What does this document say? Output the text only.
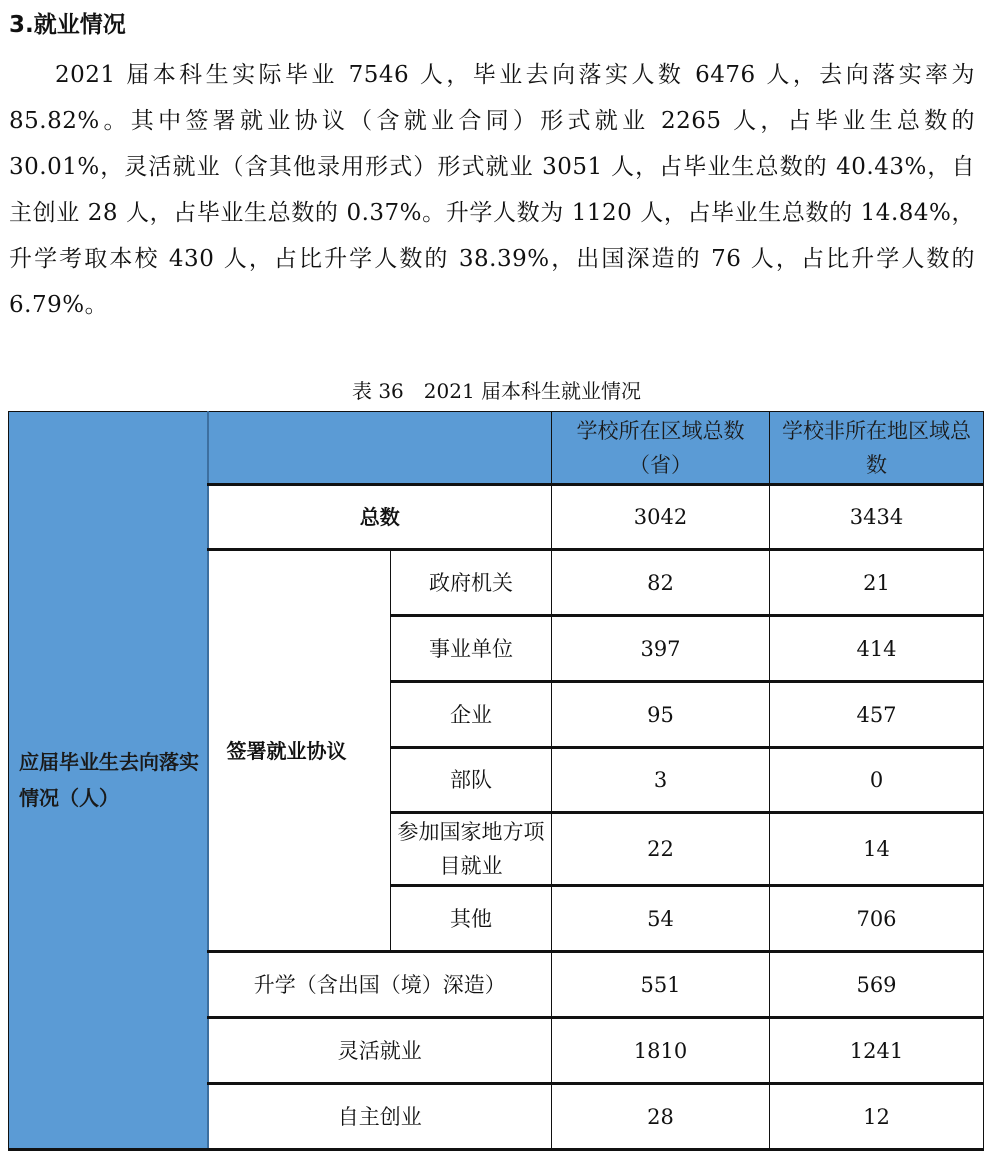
3.就业情况

2021 届本科生实际毕业 7546 人，毕业去向落实人数 6476 人，去向落实率为 85.82%。其中签署就业协议（含就业合同）形式就业 2265 人，占毕业生总数的 30.01%，灵活就业（含其他录用形式）形式就业 3051 人，占毕业生总数的 40.43%，自主创业 28 人，占毕业生总数的 0.37%。升学人数为 1120 人，占毕业生总数的 14.84%，升学考取本校 430 人，占比升学人数的 38.39%，出国深造的 76 人，占比升学人数的 6.79%。

表 36　2021 届本科生就业情况
应届毕业生去向落实情况（人）			学校所在区域总数（省）	学校非所在地区域总数
	总数		3042	3434
	签署就业协议	政府机关	82	21
		事业单位	397	414
		企业	95	457
		部队	3	0
		参加国家地方项目就业	22	14
		其他	54	706
	升学（含出国（境）深造）		551	569
	灵活就业		1810	1241
	自主创业		28	12
